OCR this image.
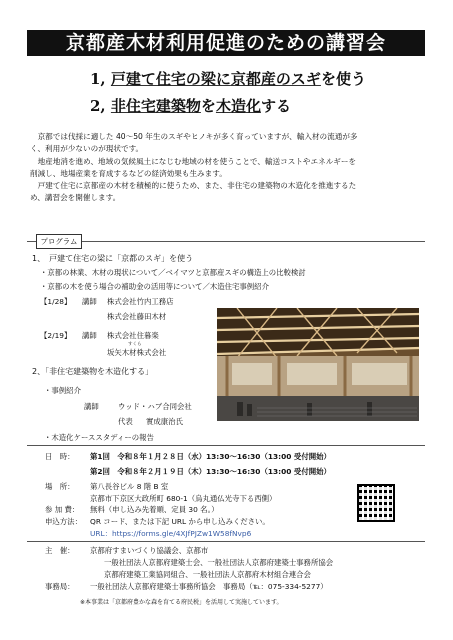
京都産木材利用促進のための講習会
1, 戸建て住宅の梁に京都産のスギを使う
2, 非住宅建築物を木造化する
　京都では伐採に適した 40～50 年生のスギやヒノキが多く育っていますが、輸入材の流通が多
く、利用が少ないのが現状です。
　地産地消を進め、地域の気候風土になじむ地域の材を使うことで、輸送コストやエネルギーを
削減し、地場産業を育成するなどの経済効果も生みます。
　戸建て住宅に京都産の木材を積極的に使うため、また、非住宅の建築物の木造化を推進するた
め、講習会を開催します。
プログラム
1、　戸建て住宅の梁に「京都のスギ」を使う
・京都の林業、木材の現状について／ベイマツと京都産スギの構造上の比較検討
・京都の木を使う場合の補助金の活用等について／木造住宅事例紹介
【1/28】 講師 株式会社竹内工務店
株式会社藤田木材
【2/19】 講師 株式会社住暮楽
すくら
坂矢木材株式会社
2、「非住宅建築物を木造化する」
・事例紹介
講師	ウッド・ハブ合同会社
代表 實成康治氏
・木造化ケーススタディーの報告
日　時： 第1回　令和８年１月２８日（水）13:30～16:30（13:00 受付開始）
第2回　令和８年２月１９日（木）13:30～16:30（13:00 受付開始）
場　所： 第八長谷ビル 8 階 B 室
京都市下京区大政所町 680-1（烏丸通仏光寺下る西側）
参 加 費： 無料（申し込み先着順、定員 30 名。）
申込方法： QR コード、または下記 URL から申し込みください。
URL： https://forms.gle/4XJfPJZw1W58fNvp6
主　催： 京都府すまいづくり協議会、京都市
一般社団法人京都府建築士会、一般社団法人京都府建築士事務所協会
京都府建築工業協同組合、一般社団法人京都府木材組合連合会
事務局： 一般社団法人京都府建築士事務所協会　事務局（℡：075-334-5277）
※本事業は「京都府豊かな森を育てる府民税」を活用して実施しています。
